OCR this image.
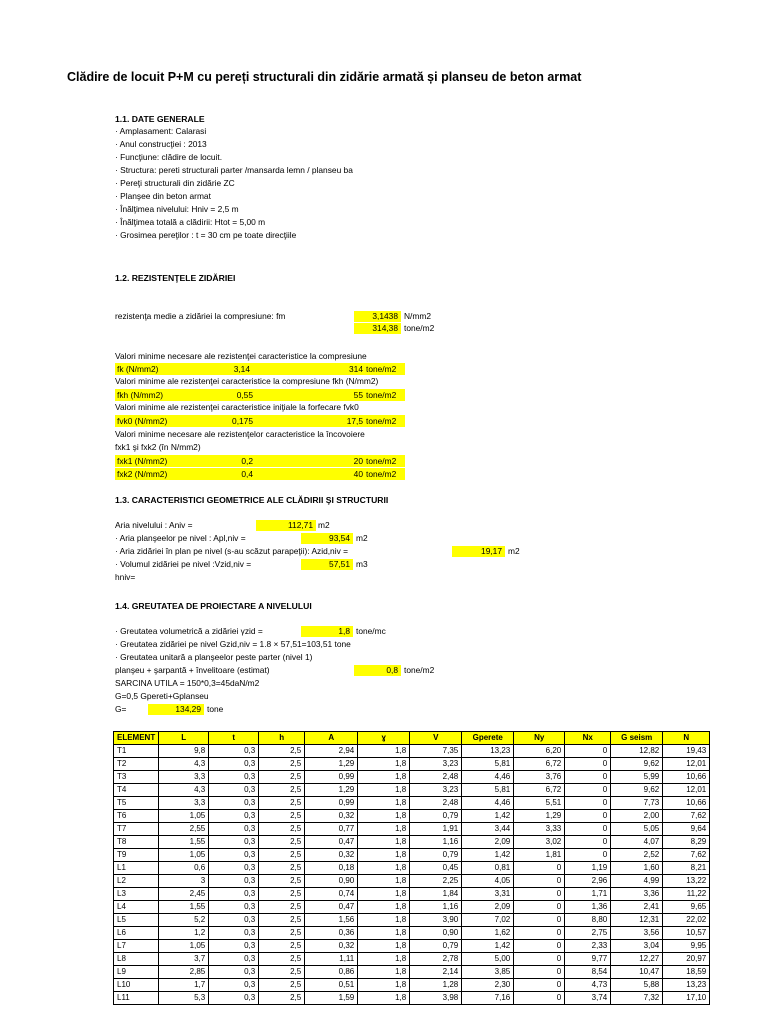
Clădire de locuit P+M cu pereți structurali din zidărie armată și planseu de beton armat
1.1. DATE GENERALE
· Amplasament: Calarasi
· Anul construcţiei : 2013
· Funcţiune: clădire de locuit.
· Structura: pereti structurali parter /mansarda lemn / planseu ba
· Pereţi structurali din zidărie ZC
· Planşee din beton armat
· Înălţimea nivelului: Hniv = 2,5 m
· Înălţimea totală a clădirii: Htot = 5,00 m
· Grosimea pereţilor : t = 30 cm pe toate direcţiile
1.2. REZISTENŢELE ZIDĂRIEI
rezistenţa medie a zidăriei la compresiune: fm	3,1438 N/mm2
314,38 tone/m2
Valori minime necesare ale rezistenţei caracteristice la compresiune
fk (N/mm2)	3,14	314 tone/m2
Valori minime ale rezistenţei caracteristice la compresiune fkh (N/mm2)
fkh (N/mm2)	0,55	55 tone/m2
Valori minime ale rezistenţei caracteristice iniţiale la forfecare fvk0
fvk0 (N/mm2)	0,175	17,5 tone/m2
Valori minime necesare ale rezistenţelor caracteristice la încovoiere
fxk1 şi fxk2 (în N/mm2)
fxk1 (N/mm2)	0,2	20 tone/m2
fxk2 (N/mm2)	0,4	40 tone/m2
1.3. CARACTERISTICI GEOMETRICE ALE CLĂDIRII ŞI STRUCTURII
Aria nivelului : Aniv =	112,71 m2
· Aria planşeelor pe nivel : Apl,niv =	93,54 m2
· Aria zidăriei în plan pe nivel (s-au scăzut parapeţii): Azid,niv =	19,17 m2
· Volumul zidăriei pe nivel :Vzid,niv =	57,51 m3
hniv=
1.4. GREUTATEA DE PROIECTARE A NIVELULUI
· Greutatea volumetrică a zidăriei γzid =	1,8 tone/mc
· Greutatea zidăriei pe nivel Gzid,niv = 1.8 × 57,51=103,51 tone
· Greutatea unitară a planşeelor peste parter (nivel 1)
planşeu + şarpantă + învelitoare (estimat)	0,8 tone/m2
SARCINA UTILA = 150*0,3=45daN/m2
G=0,5 Gpereti+Gplanseu
G=	134,29 tone
ELEMENT	L	t	h	A	ɣ	V	Gperete	Ny	Nx	G seism	N
T1	9,8	0,3	2,5	2,94	1,8	7,35	13,23	6,20	0	12,82	19,43
T2	4,3	0,3	2,5	1,29	1,8	3,23	5,81	6,72	0	9,62	12,01
T3	3,3	0,3	2,5	0,99	1,8	2,48	4,46	3,76	0	5,99	10,66
T4	4,3	0,3	2,5	1,29	1,8	3,23	5,81	6,72	0	9,62	12,01
T5	3,3	0,3	2,5	0,99	1,8	2,48	4,46	5,51	0	7,73	10,66
T6	1,05	0,3	2,5	0,32	1,8	0,79	1,42	1,29	0	2,00	7,62
T7	2,55	0,3	2,5	0,77	1,8	1,91	3,44	3,33	0	5,05	9,64
T8	1,55	0,3	2,5	0,47	1,8	1,16	2,09	3,02	0	4,07	8,29
T9	1,05	0,3	2,5	0,32	1,8	0,79	1,42	1,81	0	2,52	7,62
L1	0,6	0,3	2,5	0,18	1,8	0,45	0,81	0	1,19	1,60	8,21
L2	3	0,3	2,5	0,90	1,8	2,25	4,05	0	2,96	4,99	13,22
L3	2,45	0,3	2,5	0,74	1,8	1,84	3,31	0	1,71	3,36	11,22
L4	1,55	0,3	2,5	0,47	1,8	1,16	2,09	0	1,36	2,41	9,65
L5	5,2	0,3	2,5	1,56	1,8	3,90	7,02	0	8,80	12,31	22,02
L6	1,2	0,3	2,5	0,36	1,8	0,90	1,62	0	2,75	3,56	10,57
L7	1,05	0,3	2,5	0,32	1,8	0,79	1,42	0	2,33	3,04	9,95
L8	3,7	0,3	2,5	1,11	1,8	2,78	5,00	0	9,77	12,27	20,97
L9	2,85	0,3	2,5	0,86	1,8	2,14	3,85	0	8,54	10,47	18,59
L10	1,7	0,3	2,5	0,51	1,8	1,28	2,30	0	4,73	5,88	13,23
L11	5,3	0,3	2,5	1,59	1,8	3,98	7,16	0	3,74	7,32	17,10
